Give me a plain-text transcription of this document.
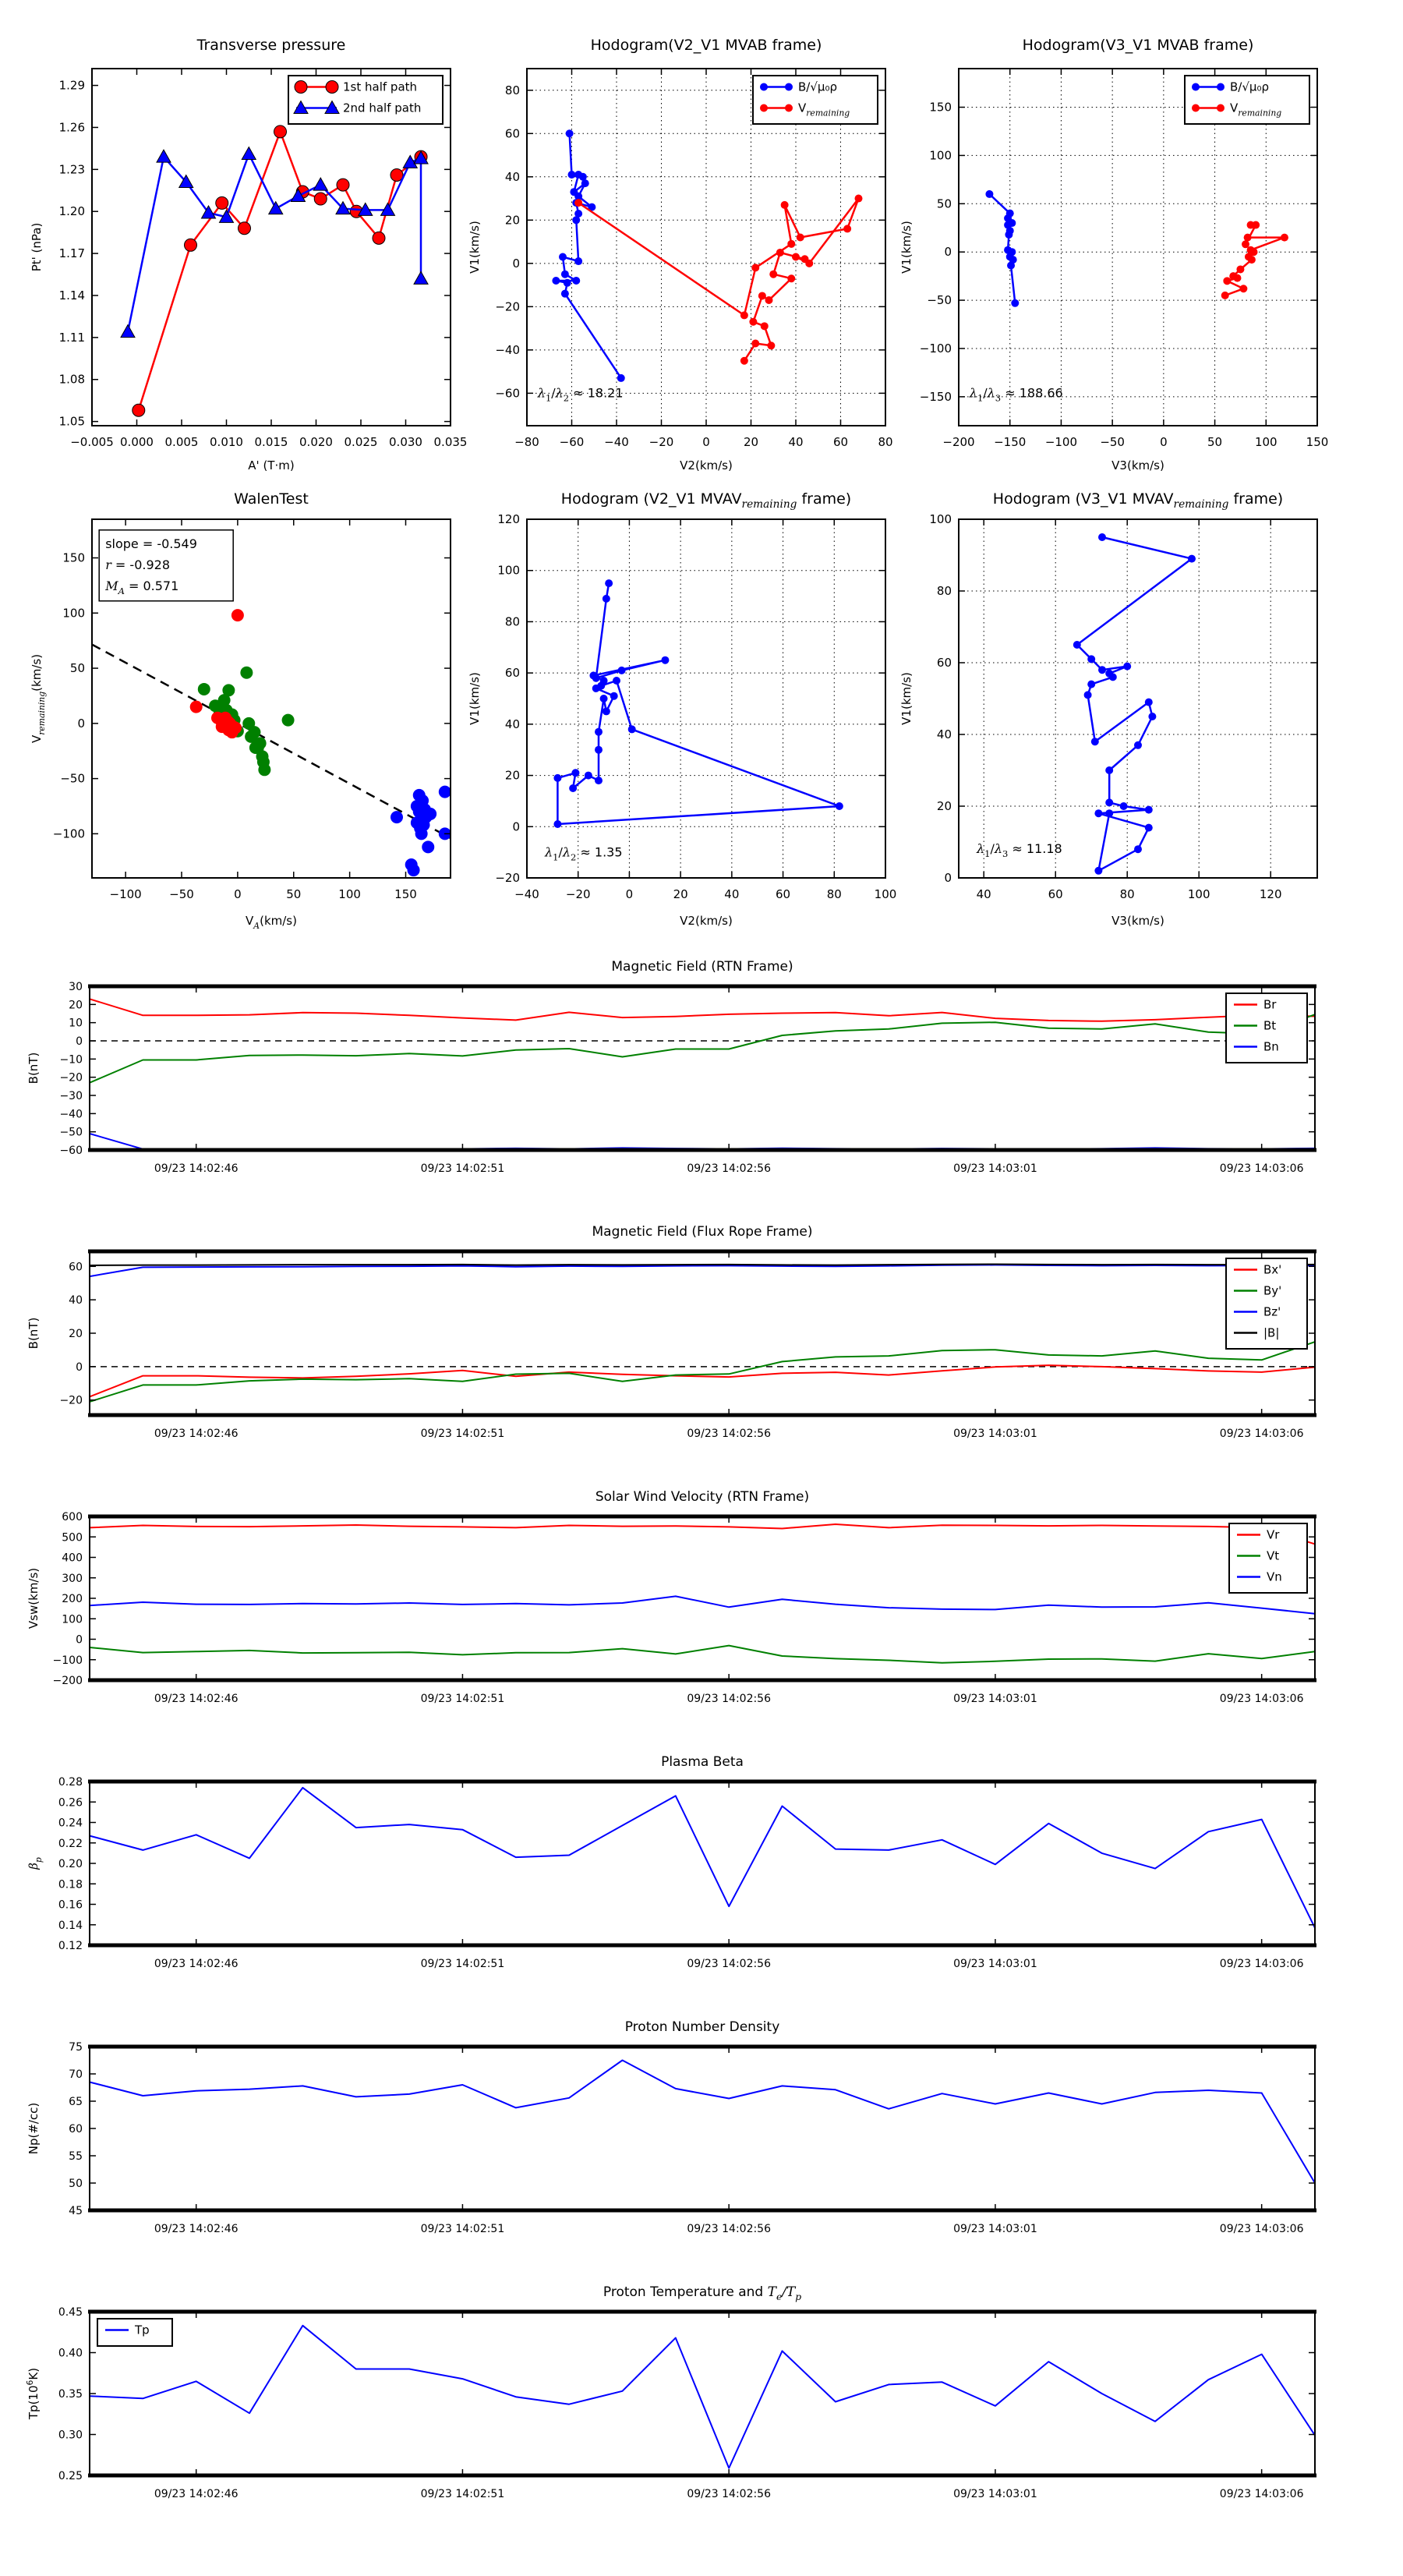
−0.005 0.000 0.005 0.010 0.015 0.020 0.025 0.030 0.035
1.05
1.08
1.11
1.14
1.17
1.20
1.23
1.26
1.29
Transverse pressure
A' (T·m)
Pt' (nPa)
1st half path
2nd half path
−80 −60 −40 −20 0	20	40	60	80
−60
−40
−20
0
20
40
60
80
Hodogram(V2_V1 MVAB frame)
V2(km/s)
V1(km/s)
B/√μ₀ρ
$V_{remaining}$
$\lambda_1/\lambda_2 \approx 18.21$
−200 −150 −100 −50	0	50	100 150
−150
−100
−50
0
50
100
150
Hodogram(V3_V1 MVAB frame)
V3(km/s)
V1(km/s)
B/√μ₀ρ
$V_{remaining}$
$\lambda_1/\lambda_3 \approx 188.66$
−100 −50	0	50	100	150
−100
−50
0
50
100
150
WalenTest
$V_A(km/s)$
$V_{remaining}(km/s)$
slope = -0.549
r = -0.928
$M_A = 0.571$
−40 −20	0	20	40	60	80	100
−20
0
20
40
60
80
100
120
Hodogram (V2_V1 $MVAV_{remaining}$ frame)
V2(km/s)
V1(km/s)
$\lambda_1/\lambda_2 \approx 1.35$
40	60	80	100	120
0
20
40
60
80
100
Hodogram (V3_V1 $MVAV_{remaining}$ frame)
V3(km/s)
V1(km/s)
$\lambda_1/\lambda_3 \approx 11.18$
09/23 14:02:46	09/23 14:02:51	09/23 14:02:56	09/23 14:03:01	09/23 14:03:06
−60
−50
−40
−30
−20
−10
0
10
20
30
Magnetic Field (RTN Frame)
B(nT)
Br
Bt
Bn
09/23 14:02:46	09/23 14:02:51	09/23 14:02:56	09/23 14:03:01	09/23 14:03:06
−20
0
20
40
60
Magnetic Field (Flux Rope Frame)
B(nT)
Bx'
By'
Bz'
|B|
09/23 14:02:46	09/23 14:02:51	09/23 14:02:56	09/23 14:03:01	09/23 14:03:06
−200
−100
0
100
200
300
400
500
600
Solar Wind Velocity (RTN Frame)
Vsw(km/s)
Vr
Vt
Vn
09/23 14:02:46	09/23 14:02:51	09/23 14:02:56	09/23 14:03:01	09/23 14:03:06
0.12
0.14
0.16
0.18
0.20
0.22
0.24
0.26
0.28
Plasma Beta
$\beta_p$
09/23 14:02:46	09/23 14:02:51	09/23 14:02:56	09/23 14:03:01	09/23 14:03:06
45
50
55
60
65
70
75
Proton Number Density
Np(#/cc)
09/23 14:02:46	09/23 14:02:51	09/23 14:02:56	09/23 14:03:01	09/23 14:03:06
0.25
0.30
0.35
0.40
0.45
Proton Temperature and $T_e/T_p$
$Tp(10^6K)$
Tp
